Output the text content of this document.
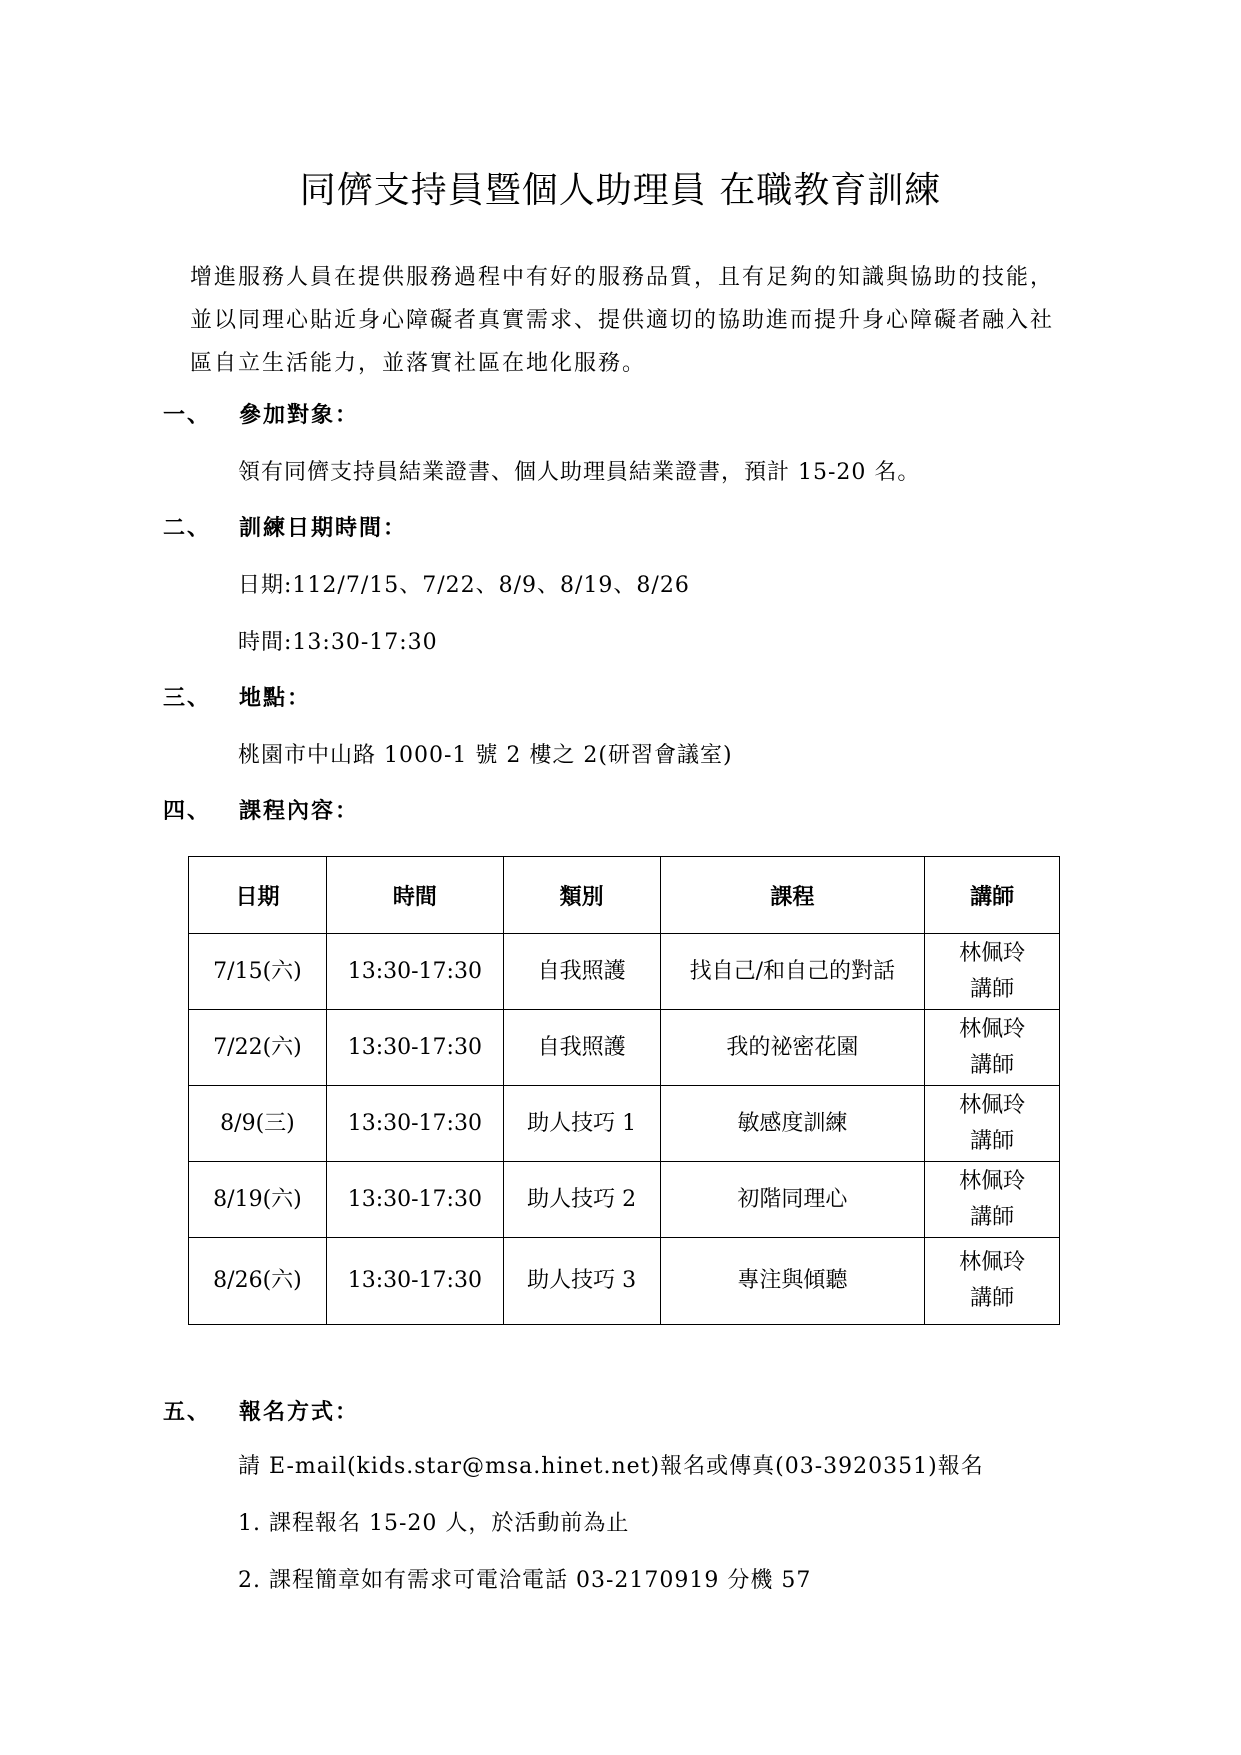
同儕支持員暨個人助理員 在職教育訓練

增進服務人員在提供服務過程中有好的服務品質，且有足夠的知識與協助的技能，並以同理心貼近身心障礙者真實需求、提供適切的協助進而提升身心障礙者融入社區自立生活能力，並落實社區在地化服務。

一、 參加對象：
領有同儕支持員結業證書、個人助理員結業證書，預計 15-20 名。
二、 訓練日期時間：
日期:112/7/15、7/22、8/9、8/19、8/26
時間:13:30-17:30
三、 地點：
桃園市中山路 1000-1 號 2 樓之 2(研習會議室)
四、 課程內容：
日期	時間	類別	課程	講師
7/15(六)	13:30-17:30	自我照護	找自己/和自己的對話	林佩玲
講師

7/22(六)	13:30-17:30	自我照護	我的祕密花園	林佩玲
講師

8/9(三)	13:30-17:30	助人技巧 1	敏感度訓練	林佩玲
講師

8/19(六)	13:30-17:30	助人技巧 2	初階同理心	林佩玲
講師

8/26(六)	13:30-17:30	助人技巧 3	專注與傾聽	林佩玲
講師
五、 報名方式：
請 E-mail(kids.star@msa.hinet.net)報名或傳真(03-3920351)報名
1. 課程報名 15-20 人，於活動前為止
2. 課程簡章如有需求可電洽電話 03-2170919 分機 57
